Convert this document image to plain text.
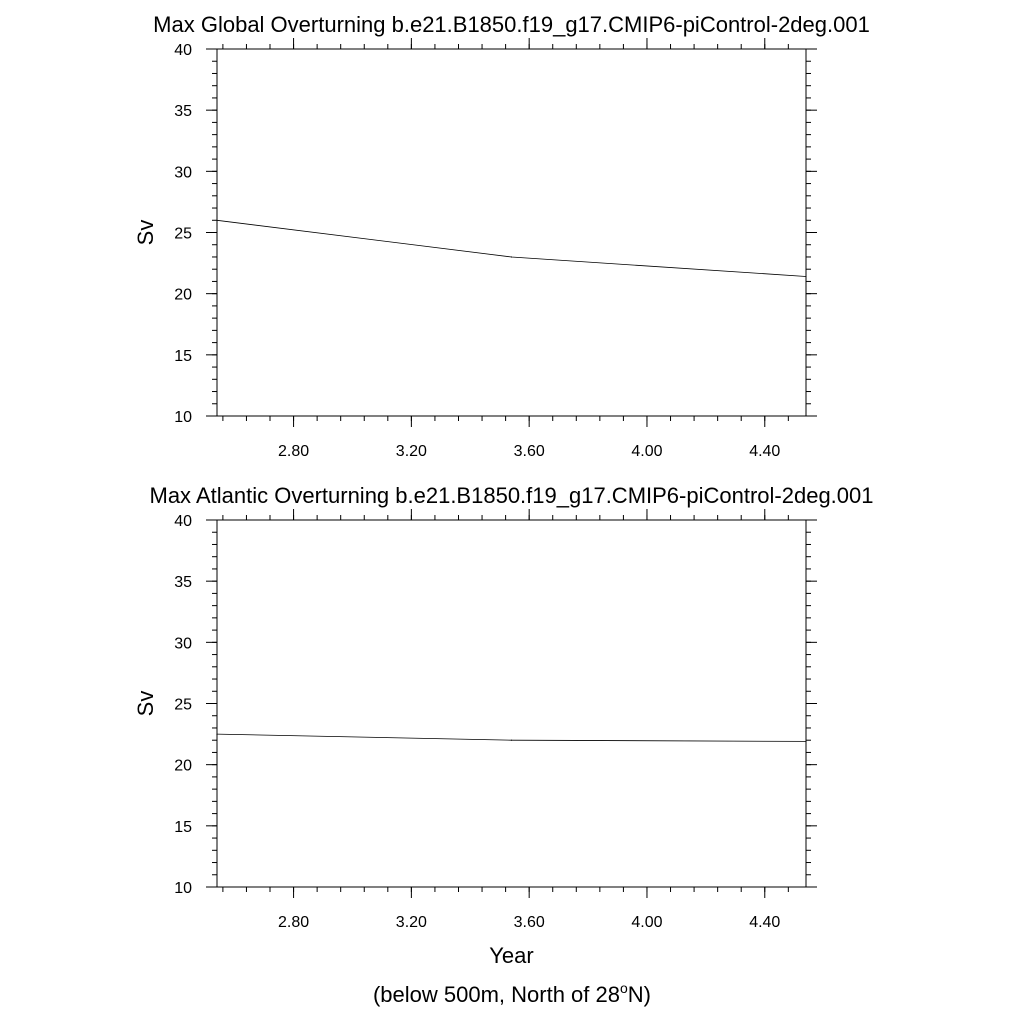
Max Global Overturning b.e21.B1850.f19_g17.CMIP6-piControl-2deg.001
10
15
20
25
30
35
40
2.80	3.20	3.60	4.00	4.40
Sv
Max Atlantic Overturning b.e21.B1850.f19_g17.CMIP6-piControl-2deg.001
10
15
20
25
30
35
40
2.80	3.20	3.60	4.00	4.40
Sv
Year
(below 500m, North of 28$^o$N)
